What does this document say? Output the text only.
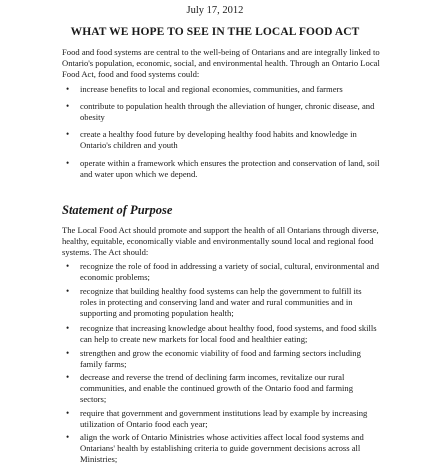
July 17, 2012
WHAT WE HOPE TO SEE IN THE LOCAL FOOD ACT
Food and food systems are central to the well-being of Ontarians and are integrally linked to Ontario's population, economic, social, and environmental health. Through an Ontario Local Food Act, food and food systems could:
• increase benefits to local and regional economies, communities, and farmers
• contribute to population health through the alleviation of hunger, chronic disease, and obesity
• create a healthy food future by developing healthy food habits and knowledge in Ontario's children and youth
• operate within a framework which ensures the protection and conservation of land, soil and water upon which we depend.
Statement of Purpose
The Local Food Act should promote and support the health of all Ontarians through diverse, healthy, equitable, economically viable and environmentally sound local and regional food systems. The Act should:
• recognize the role of food in addressing a variety of social, cultural, environmental and economic problems;
• recognize that building healthy food systems can help the government to fulfill its roles in protecting and conserving land and water and rural communities and in supporting and promoting population health;
• recognize that increasing knowledge about healthy food, food systems, and food skills can help to create new markets for local food and healthier eating;
• strengthen and grow the economic viability of food and farming sectors including family farms;
• decrease and reverse the trend of declining farm incomes, revitalize our rural communities, and enable the continued growth of the Ontario food and farming sectors;
• require that government and government institutions lead by example by increasing utilization of Ontario food each year;
• align the work of Ontario Ministries whose activities affect local food systems and Ontarians' health by establishing criteria to guide government decisions across all Ministries;
